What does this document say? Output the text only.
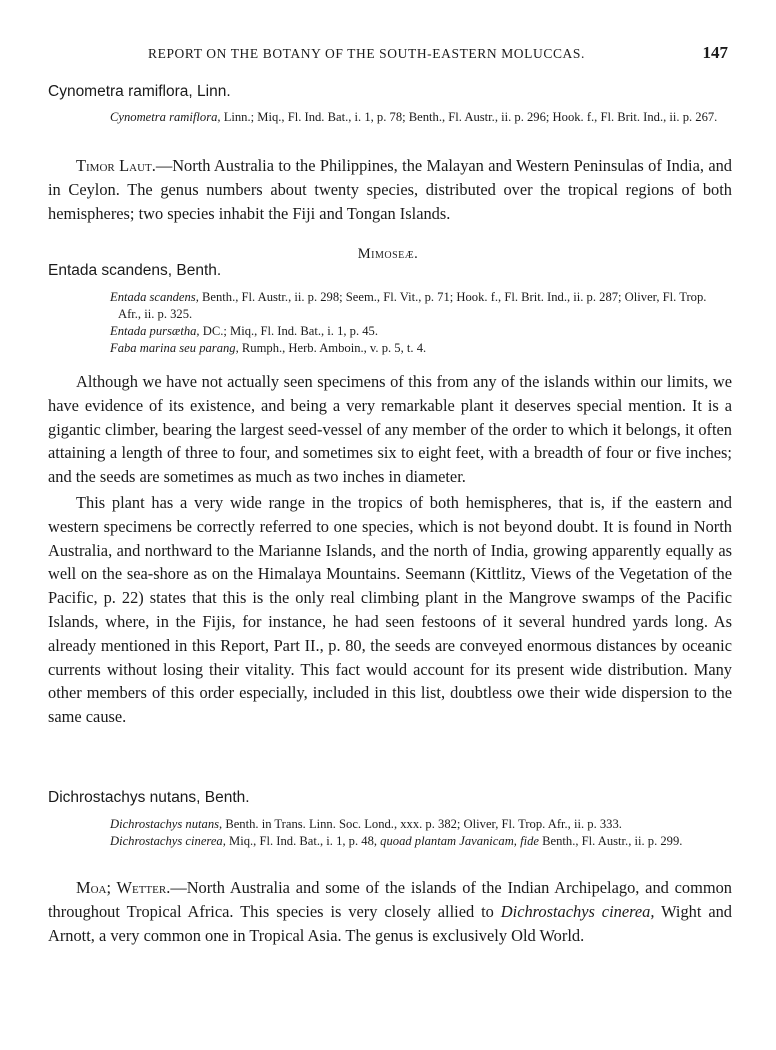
REPORT ON THE BOTANY OF THE SOUTH-EASTERN MOLUCCAS.	147
Cynometra ramiflora, Linn.
Cynometra ramiflora, Linn.; Miq., Fl. Ind. Bat., i. 1, p. 78; Benth., Fl. Austr., ii. p. 296; Hook. f., Fl. Brit. Ind., ii. p. 267.

Timor Laut.—North Australia to the Philippines, the Malayan and Western Peninsulas of India, and in Ceylon. The genus numbers about twenty species, distributed over the tropical regions of both hemispheres; two species inhabit the Fiji and Tongan Islands.

Mimoseæ.
Entada scandens, Benth.
Entada scandens, Benth., Fl. Austr., ii. p. 298; Seem., Fl. Vit., p. 71; Hook. f., Fl. Brit. Ind., ii. p. 287; Oliver, Fl. Trop. Afr., ii. p. 325.
Entada pursætha, DC.; Miq., Fl. Ind. Bat., i. 1, p. 45.
Faba marina seu parang, Rumph., Herb. Amboin., v. p. 5, t. 4.

Although we have not actually seen specimens of this from any of the islands within our limits, we have evidence of its existence, and being a very remarkable plant it deserves special mention. It is a gigantic climber, bearing the largest seed-vessel of any member of the order to which it belongs, it often attaining a length of three to four, and sometimes six to eight feet, with a breadth of four or five inches; and the seeds are sometimes as much as two inches in diameter.

This plant has a very wide range in the tropics of both hemispheres, that is, if the eastern and western specimens be correctly referred to one species, which is not beyond doubt. It is found in North Australia, and northward to the Marianne Islands, and the north of India, growing apparently equally as well on the sea-shore as on the Himalaya Mountains. Seemann (Kittlitz, Views of the Vegetation of the Pacific, p. 22) states that this is the only real climbing plant in the Mangrove swamps of the Pacific Islands, where, in the Fijis, for instance, he had seen festoons of it several hundred yards long. As already mentioned in this Report, Part II., p. 80, the seeds are conveyed enormous distances by oceanic currents without losing their vitality. This fact would account for its present wide distribution. Many other members of this order especially, included in this list, doubtless owe their wide dispersion to the same cause.

Dichrostachys nutans, Benth.
Dichrostachys nutans, Benth. in Trans. Linn. Soc. Lond., xxx. p. 382; Oliver, Fl. Trop. Afr., ii. p. 333.
Dichrostachys cinerea, Miq., Fl. Ind. Bat., i. 1, p. 48, quoad plantam Javanicam, fide Benth., Fl. Austr., ii. p. 299.

Moa; Wetter.—North Australia and some of the islands of the Indian Archipelago, and common throughout Tropical Africa. This species is very closely allied to Dichrostachys cinerea, Wight and Arnott, a very common one in Tropical Asia. The genus is exclusively Old World.
